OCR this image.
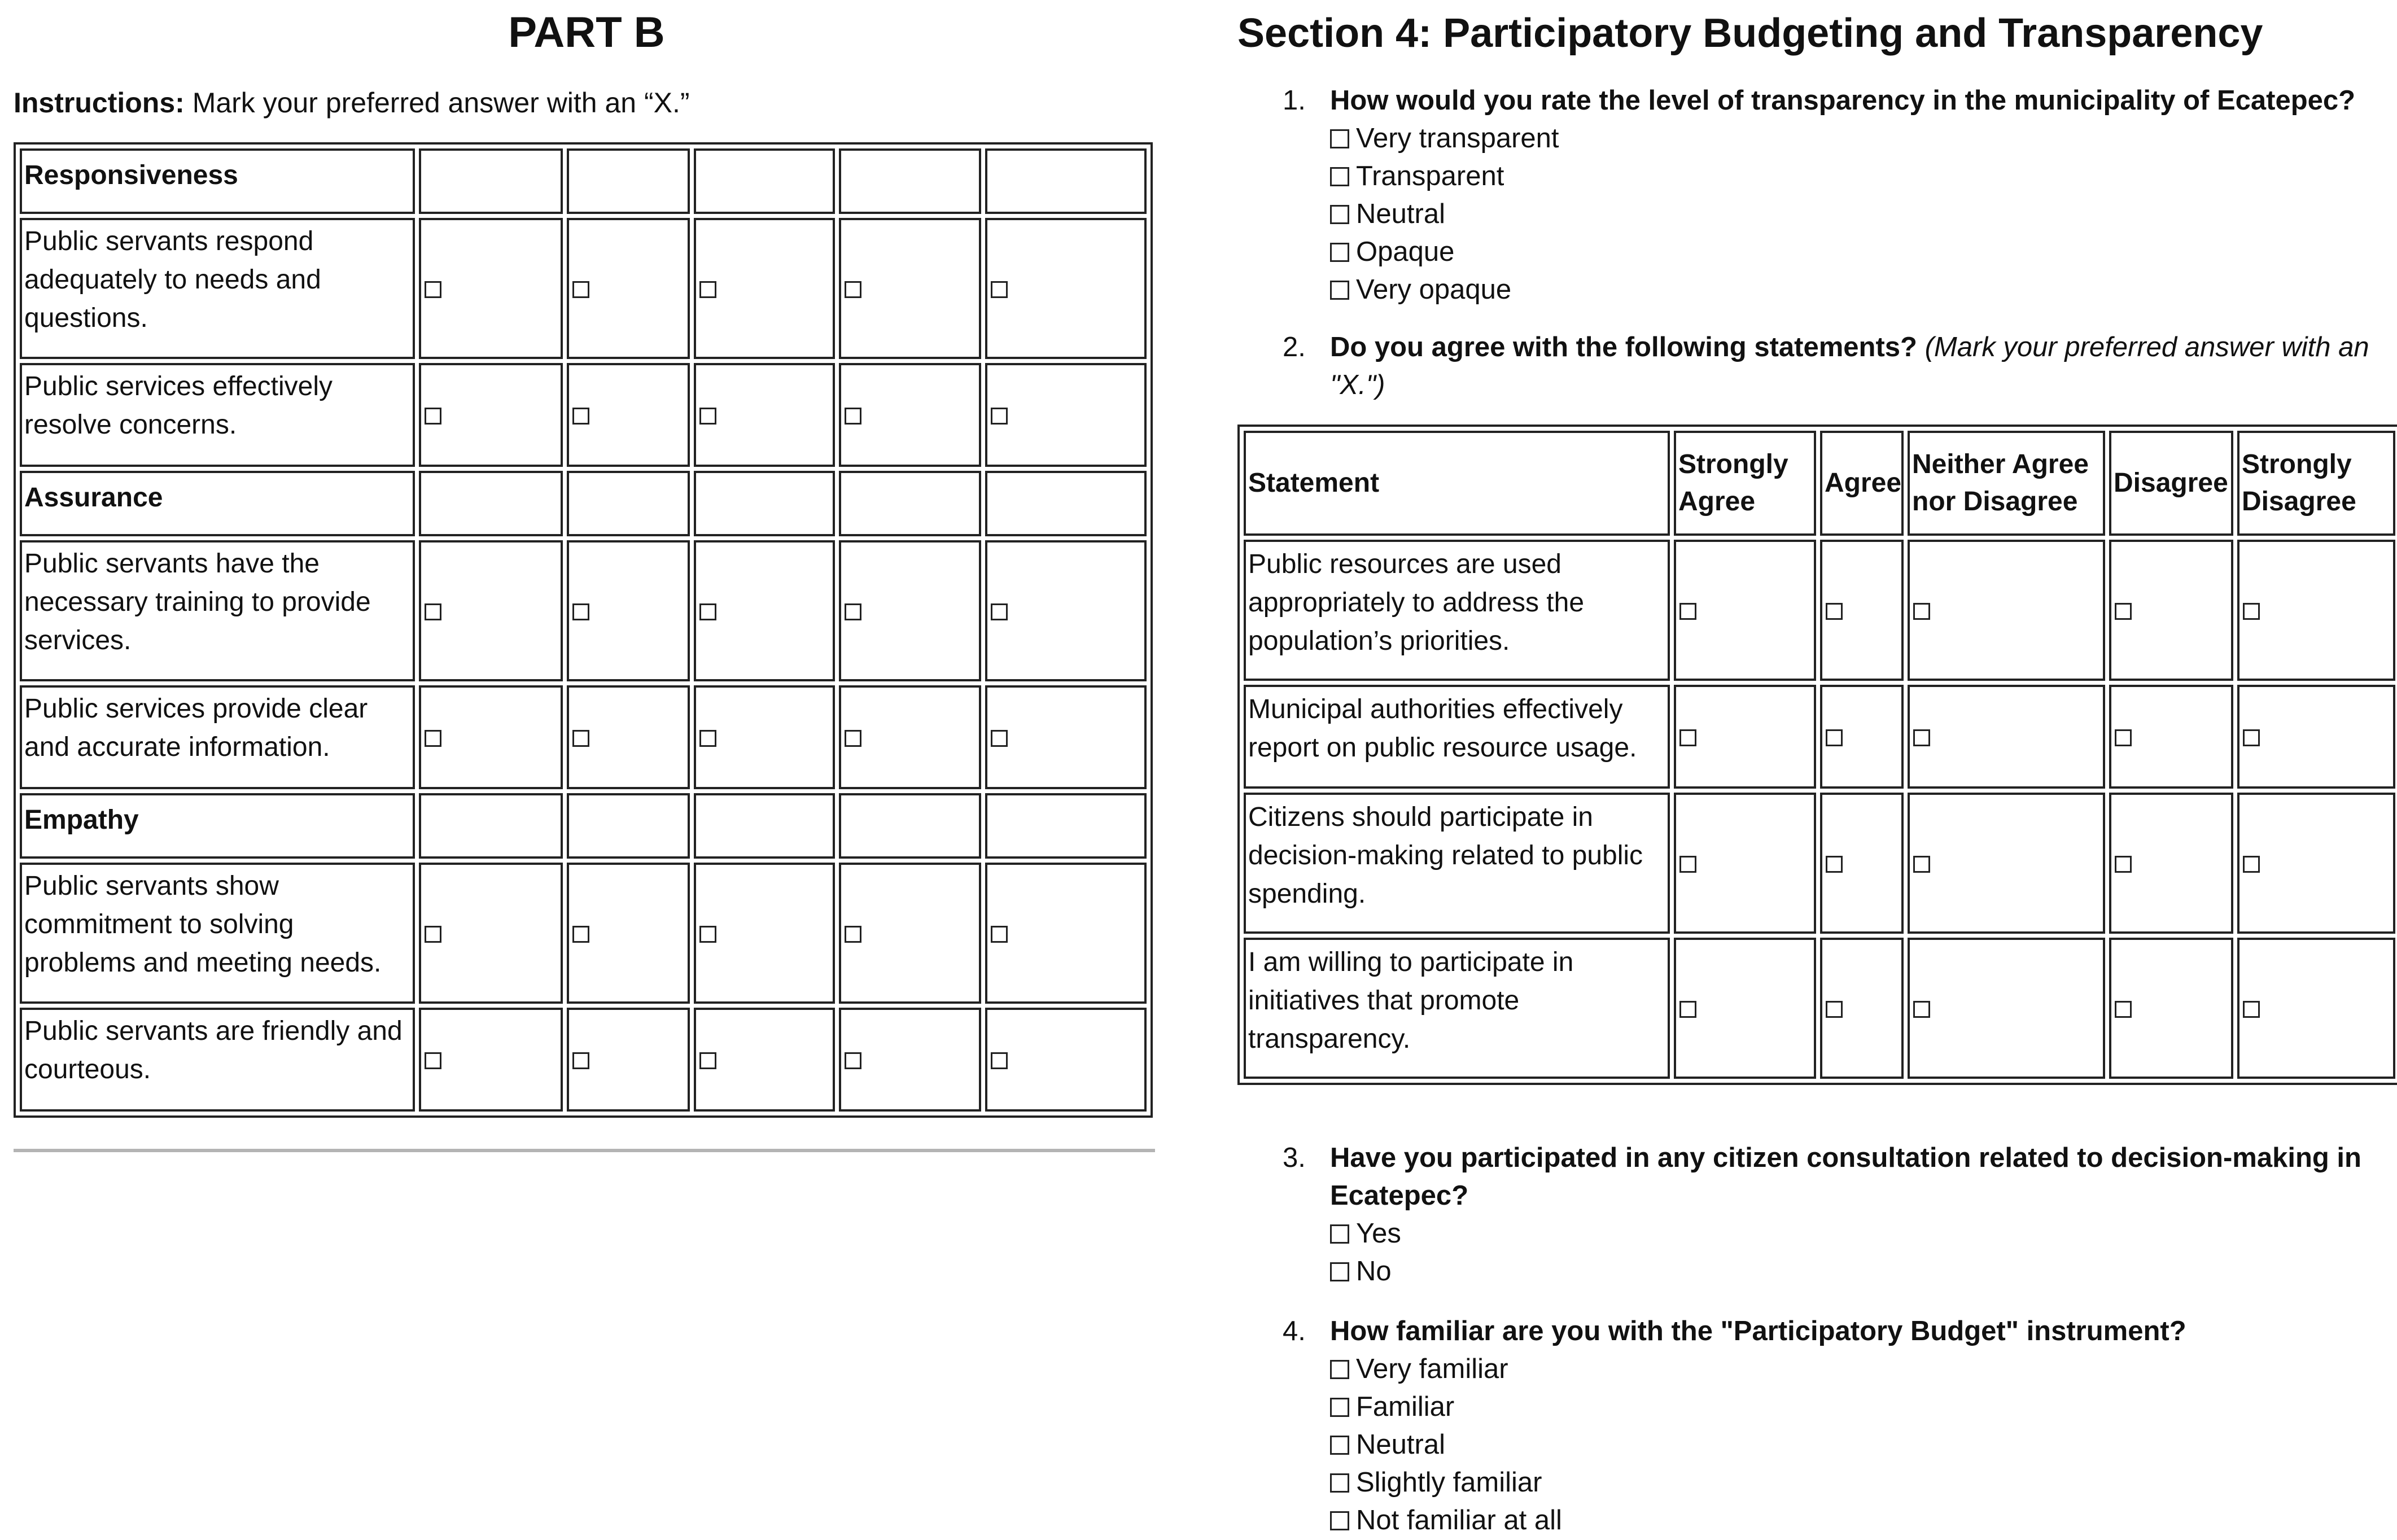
PART B
Instructions: Mark your preferred answer with an “X.”
Responsiveness					
Public servants respond adequately to needs and questions.					
Public services effectively resolve concerns.					
Assurance					
Public servants have the necessary training to provide services.					
Public services provide clear and accurate information.					
Empathy					
Public servants show commitment to solving problems and meeting needs.					
Public servants are friendly and courteous.					
Section 4: Participatory Budgeting and Transparency
1. How would you rate the level of transparency in the municipality of Ecatepec?
Very transparent
Transparent
Neutral
Opaque
Very opaque
2. Do you agree with the following statements? (Mark your preferred answer with an "X.")
Statement	Strongly Agree	Agree	Neither Agree nor Disagree	Disagree	Strongly Disagree
Public resources are used appropriately to address the population’s priorities.					
Municipal authorities effectively report on public resource usage.					
Citizens should participate in decision-making related to public spending.					
I am willing to participate in initiatives that promote transparency.					
3. Have you participated in any citizen consultation related to decision-making in Ecatepec?
Yes
No
4. How familiar are you with the "Participatory Budget" instrument?
Very familiar
Familiar
Neutral
Slightly familiar
Not familiar at all
